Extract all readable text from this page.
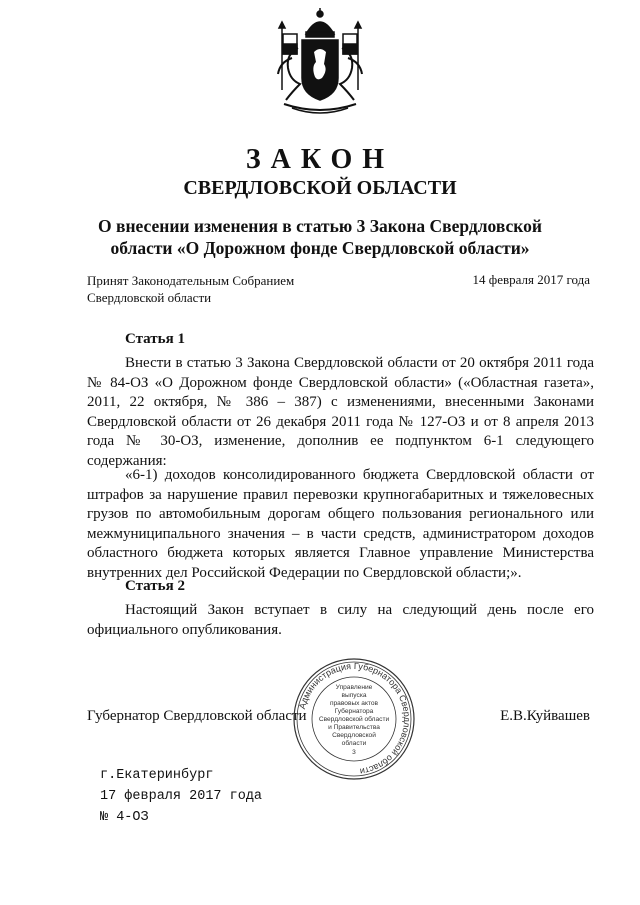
ЗАКОН
СВЕРДЛОВСКОЙ ОБЛАСТИ
О внесении изменения в статью 3 Закона Свердловской
области «О Дорожном фонде Свердловской области»
Принят Законодательным Собранием
Свердловской области
14 февраля 2017 года
Статья 1
Внести в статью 3 Закона Свердловской области от 20 октября 2011 года № 84-ОЗ «О Дорожном фонде Свердловской области» («Областная газета», 2011, 22 октября, № 386 – 387) с изменениями, внесенными Законами Свердловской области от 26 декабря 2011 года № 127-ОЗ и от 8 апреля 2013 года № 30-ОЗ, изменение, дополнив ее подпунктом 6-1 следующего содержания:
«6-1) доходов консолидированного бюджета Свердловской области от штрафов за нарушение правил перевозки крупногабаритных и тяжеловесных грузов по автомобильным дорогам общего пользования регионального или межмуниципального значения – в части средств, администратором доходов областного бюджета которых является Главное управление Министерства внутренних дел Российской Федерации по Свердловской области;».
Статья 2
Настоящий Закон вступает в силу на следующий день после его официального опубликования.
Губернатор Свердловской области	Е.В.Куйвашев
Администрация Губернатора Свердловской области
Управление
выпуска
правовых актов
Губернатора
Свердловской области
и Правительства
Свердловской
области
3
г.Екатеринбург
17 февраля 2017 года
№ 4-ОЗ
